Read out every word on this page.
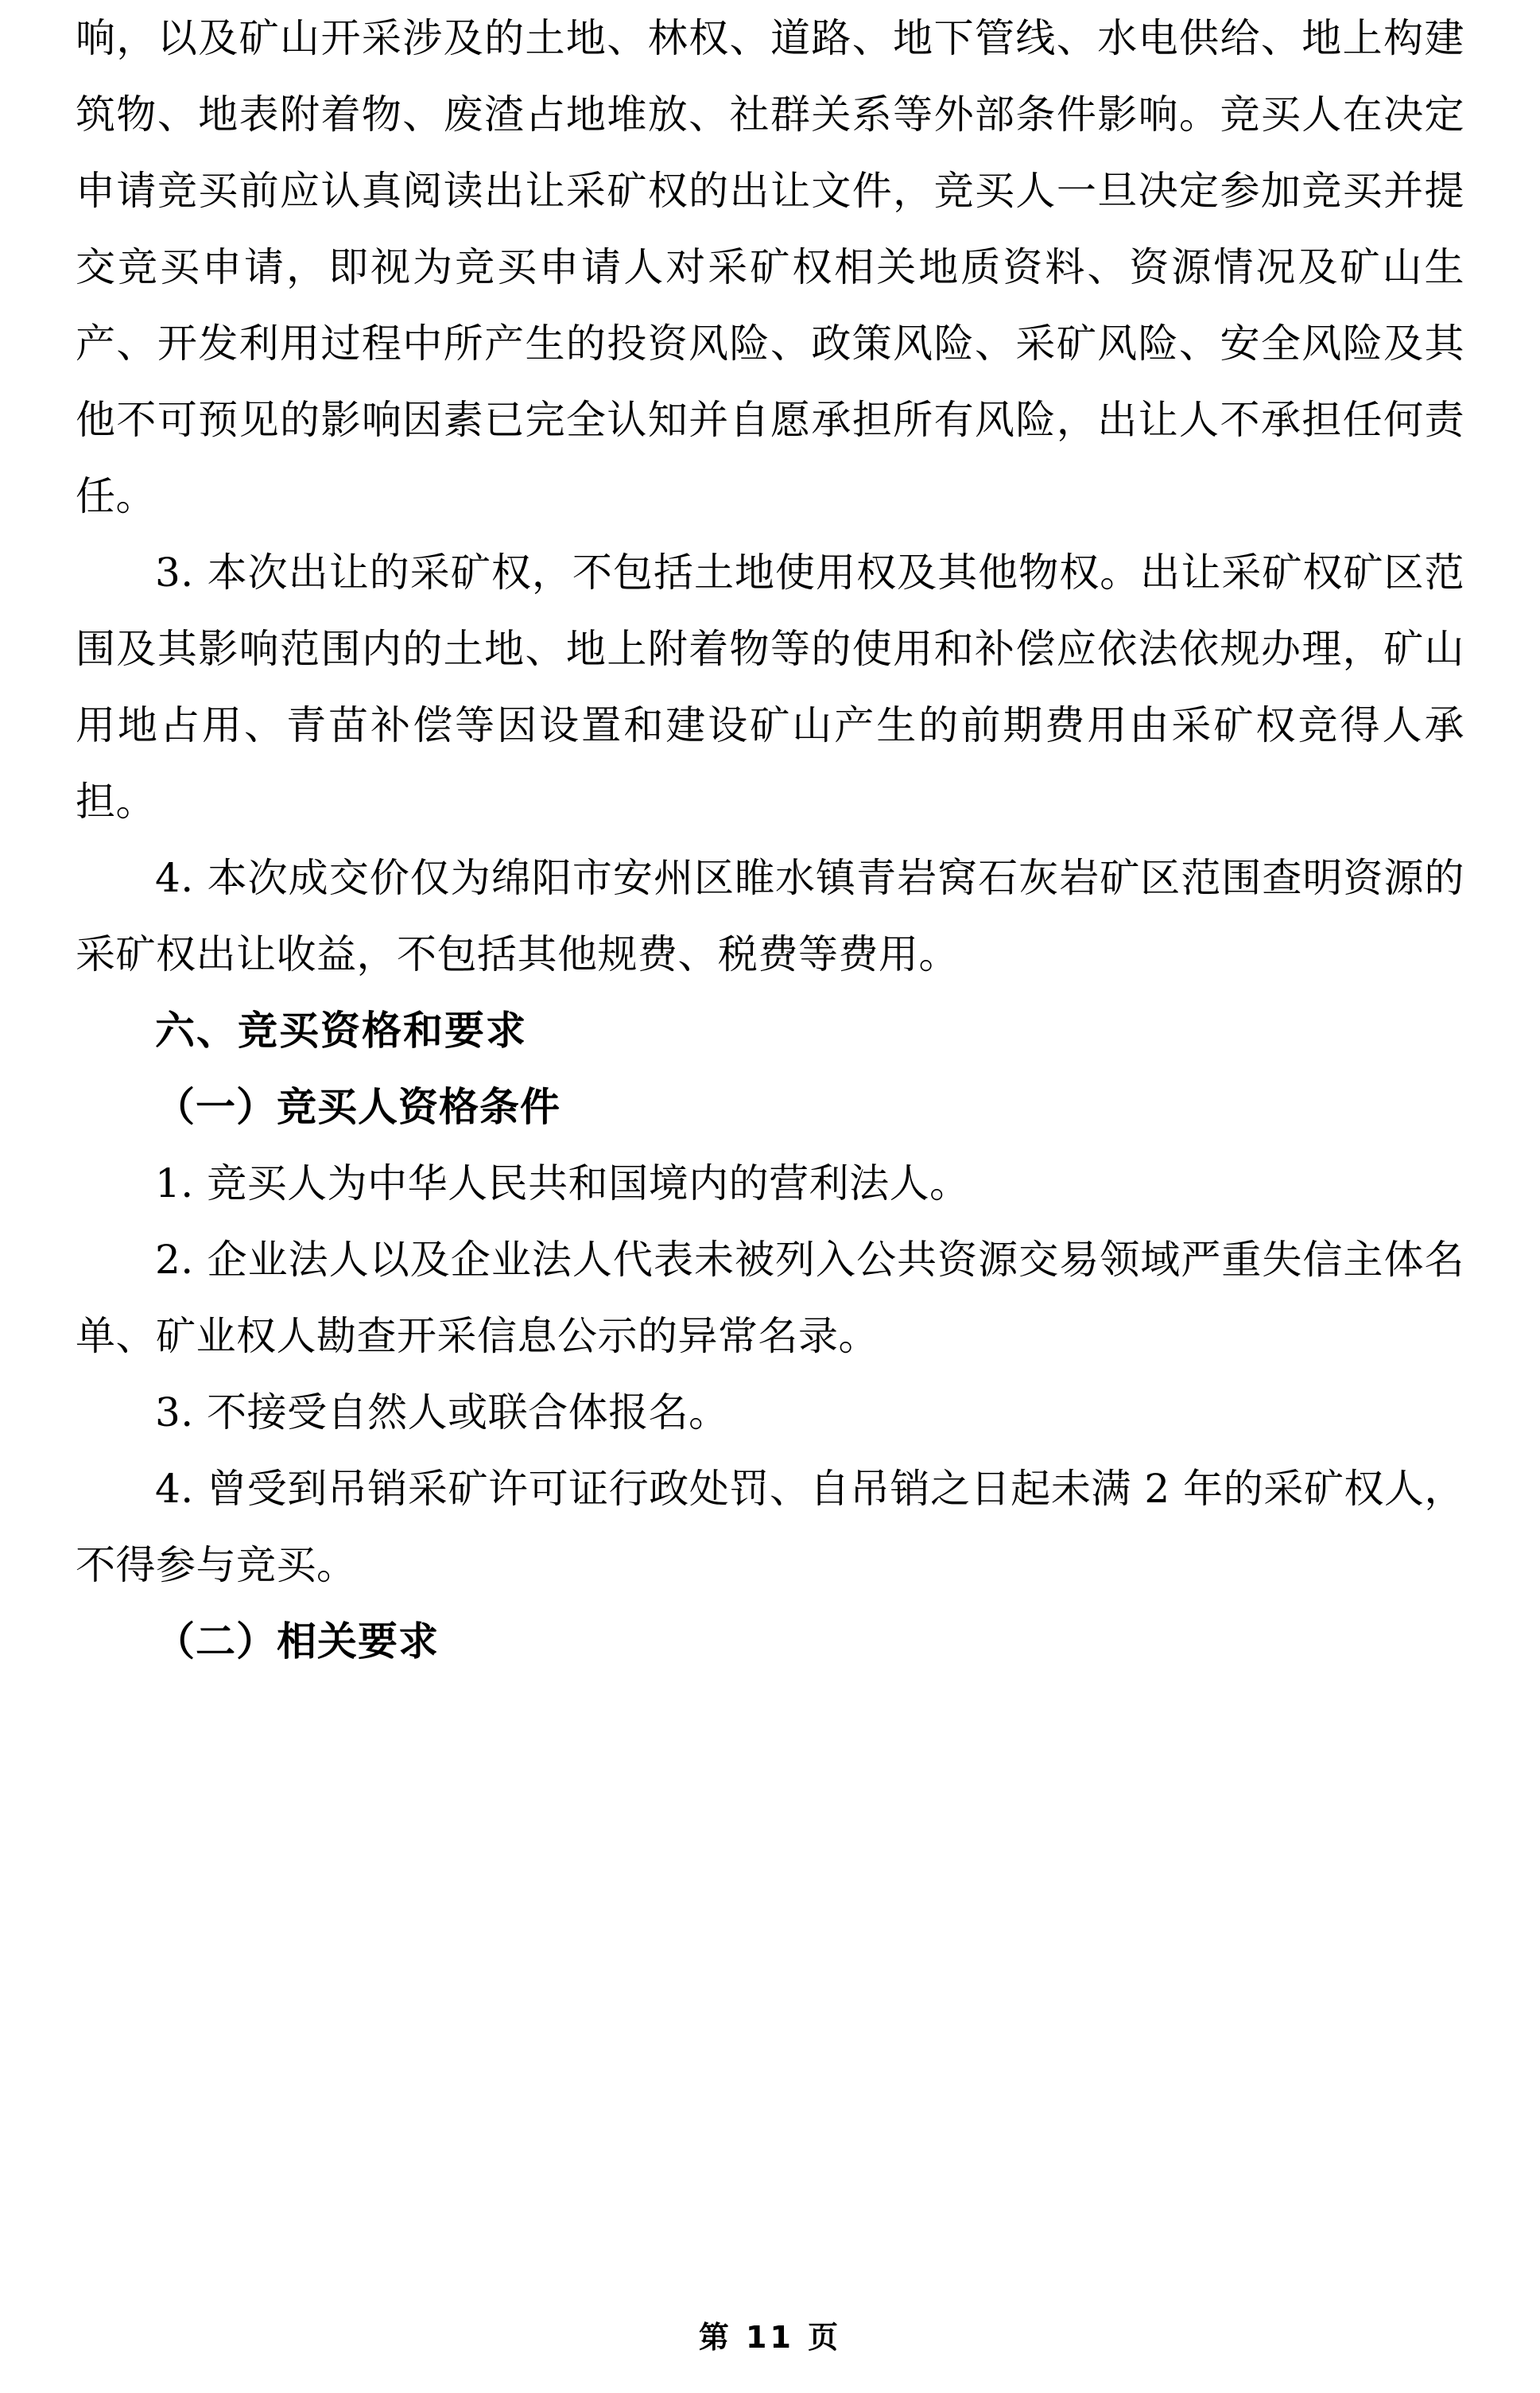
响，以及矿山开采涉及的土地、林权、道路、地下管线、水电供给、地上构建筑物、地表附着物、废渣占地堆放、社群关系等外部条件影响。竞买人在决定申请竞买前应认真阅读出让采矿权的出让文件，竞买人一旦决定参加竞买并提交竞买申请，即视为竞买申请人对采矿权相关地质资料、资源情况及矿山生产、开发利用过程中所产生的投资风险、政策风险、采矿风险、安全风险及其他不可预见的影响因素已完全认知并自愿承担所有风险，出让人不承担任何责任。

3. 本次出让的采矿权，不包括土地使用权及其他物权。出让采矿权矿区范围及其影响范围内的土地、地上附着物等的使用和补偿应依法依规办理，矿山用地占用、青苗补偿等因设置和建设矿山产生的前期费用由采矿权竞得人承担。

4. 本次成交价仅为绵阳市安州区睢水镇青岩窝石灰岩矿区范围查明资源的采矿权出让收益，不包括其他规费、税费等费用。

六、竞买资格和要求

（一）竞买人资格条件

1. 竞买人为中华人民共和国境内的营利法人。

2. 企业法人以及企业法人代表未被列入公共资源交易领域严重失信主体名单、矿业权人勘查开采信息公示的异常名录。

3. 不接受自然人或联合体报名。

4. 曾受到吊销采矿许可证行政处罚、自吊销之日起未满 2 年的采矿权人，不得参与竞买。

（二）相关要求

第 11 页
